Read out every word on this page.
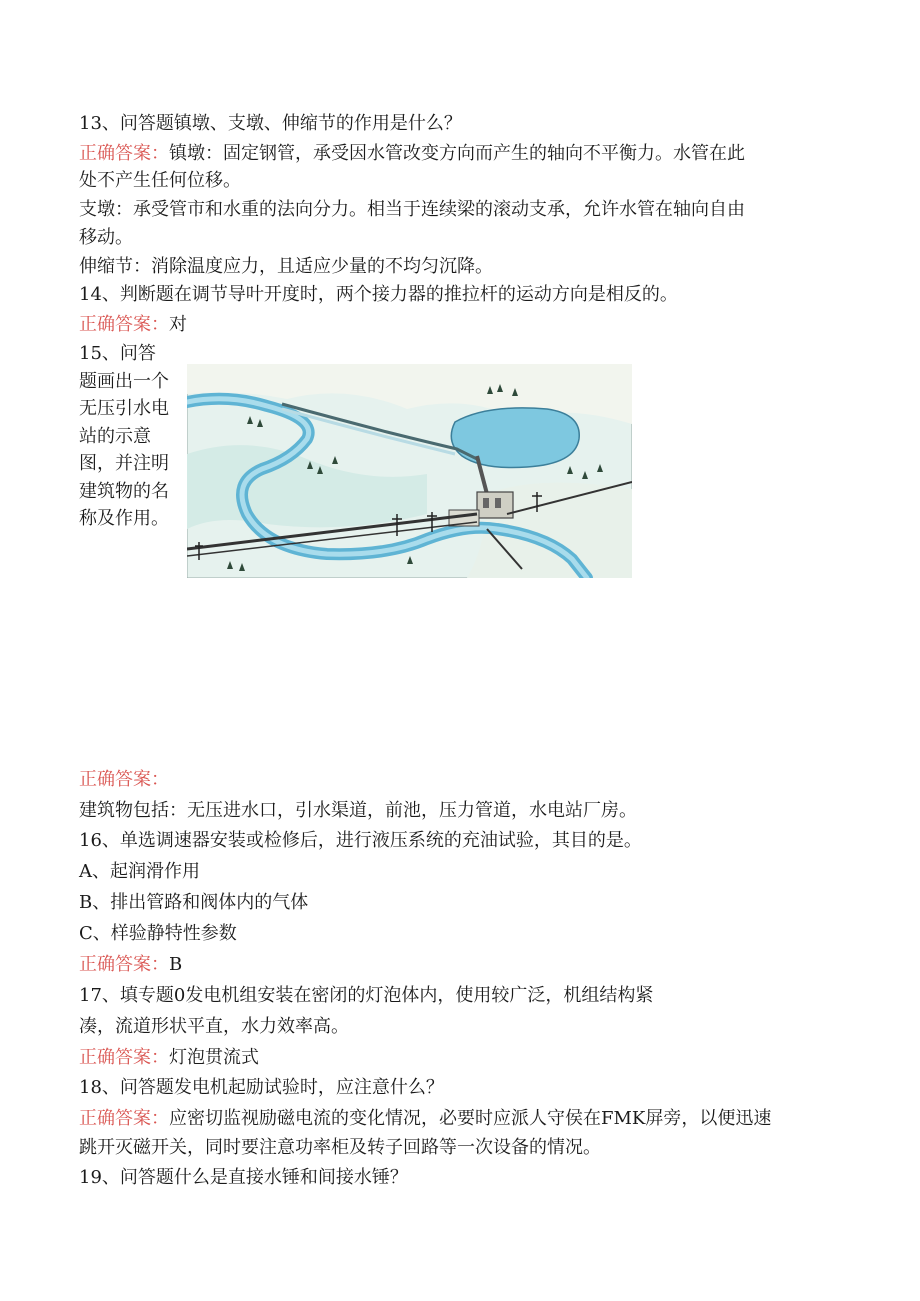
13、问答题镇墩、支墩、伸缩节的作用是什么？
正确答案：镇墩：固定钢管，承受因水管改变方向而产生的轴向不平衡力。水管在此
处不产生任何位移。
支墩：承受管市和水重的法向分力。相当于连续梁的滚动支承，允许水管在轴向自由
移动。
伸缩节：消除温度应力，且适应少量的不均匀沉降。
14、判断题在调节导叶开度时，两个接力器的推拉杆的运动方向是相反的。
正确答案：对
15、问答题画出一个无压引水电站的示意图，并注明建筑物的名称及作用。
正确答案：
建筑物包括：无压进水口，引水渠道，前池，压力管道，水电站厂房。
16、单选调速器安装或检修后，进行液压系统的充油试验，其目的是。
A、起润滑作用
B、排出管路和阀体内的气体
C、样验静特性参数
正确答案：B
17、填专题0发电机组安装在密闭的灯泡体内，使用较广泛，机组结构紧
凑，流道形状平直，水力效率高。
正确答案：灯泡贯流式
18、问答题发电机起励试验时，应注意什么？
正确答案：应密切监视励磁电流的变化情况，必要时应派人守侯在FMK屏旁，以便迅速
跳开灭磁开关，同时要注意功率柜及转子回路等一次设备的情况。
19、问答题什么是直接水锤和间接水锤？
